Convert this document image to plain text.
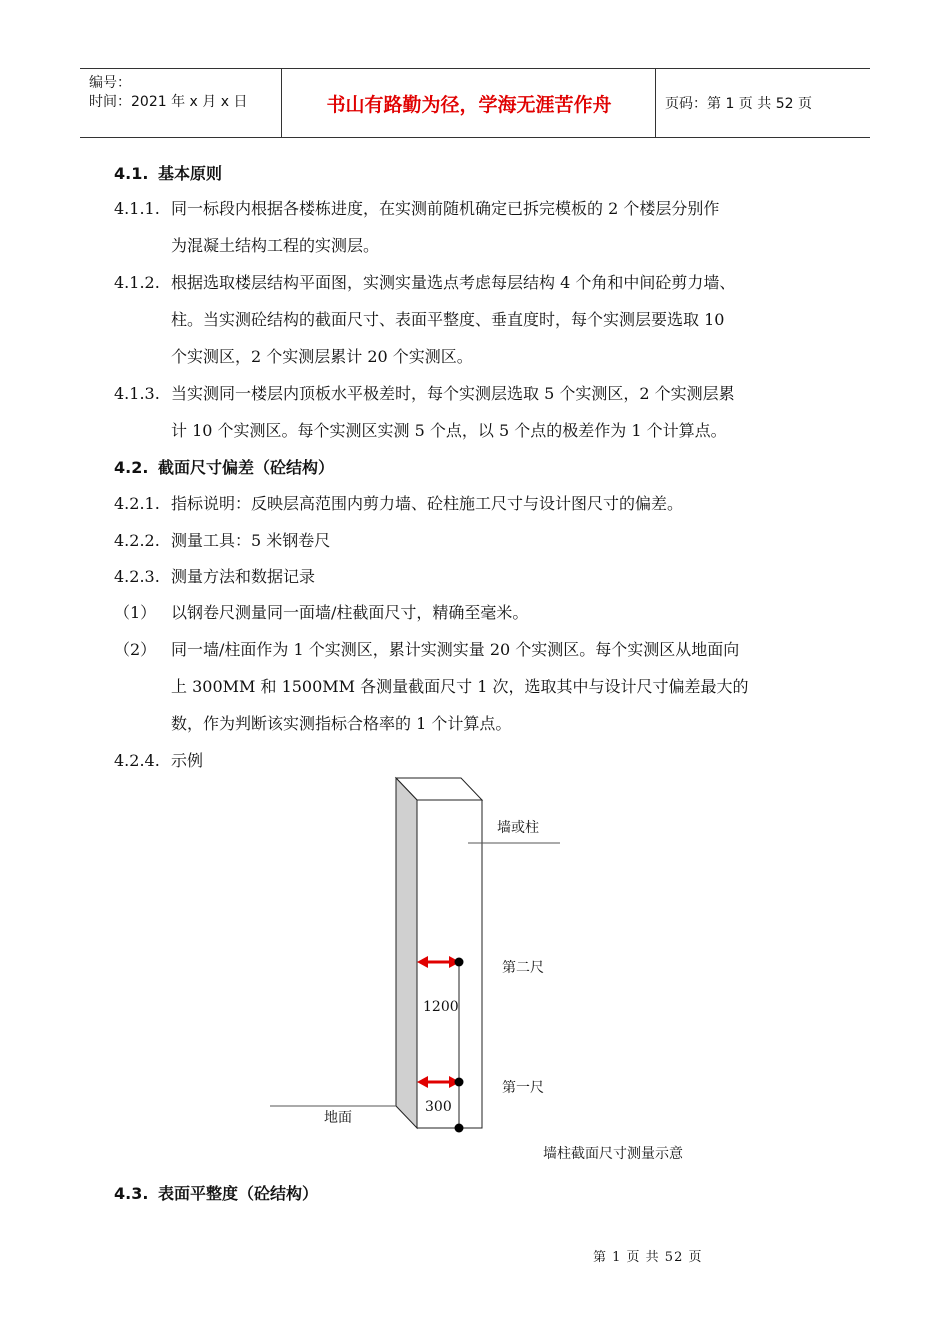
编号：
时间：2021 年 x 月 x 日	书山有路勤为径，学海无涯苦作舟	页码：第 1 页 共 52 页
4.1. 基本原则
4.1.1. 同一标段内根据各楼栋进度，在实测前随机确定已拆完模板的 2 个楼层分别作
为混凝土结构工程的实测层。
4.1.2. 根据选取楼层结构平面图，实测实量选点考虑每层结构 4 个角和中间砼剪力墙、
柱。当实测砼结构的截面尺寸、表面平整度、垂直度时，每个实测层要选取 10
个实测区，2 个实测层累计 20 个实测区。
4.1.3. 当实测同一楼层内顶板水平极差时，每个实测层选取 5 个实测区，2 个实测层累
计 10 个实测区。每个实测区实测 5 个点，以 5 个点的极差作为 1 个计算点。
4.2. 截面尺寸偏差（砼结构）
4.2.1. 指标说明：反映层高范围内剪力墙、砼柱施工尺寸与设计图尺寸的偏差。
4.2.2. 测量工具：5 米钢卷尺
4.2.3. 测量方法和数据记录
（1） 以钢卷尺测量同一面墙/柱截面尺寸，精确至毫米。
（2） 同一墙/柱面作为 1 个实测区，累计实测实量 20 个实测区。每个实测区从地面向
上 300MM 和 1500MM 各测量截面尺寸 1 次，选取其中与设计尺寸偏差最大的
数，作为判断该实测指标合格率的 1 个计算点。
4.2.4. 示例
墙或柱
第二尺
1200
第一尺
300
地面
墙柱截面尺寸测量示意
4.3. 表面平整度（砼结构）
第 1 页 共 52 页
